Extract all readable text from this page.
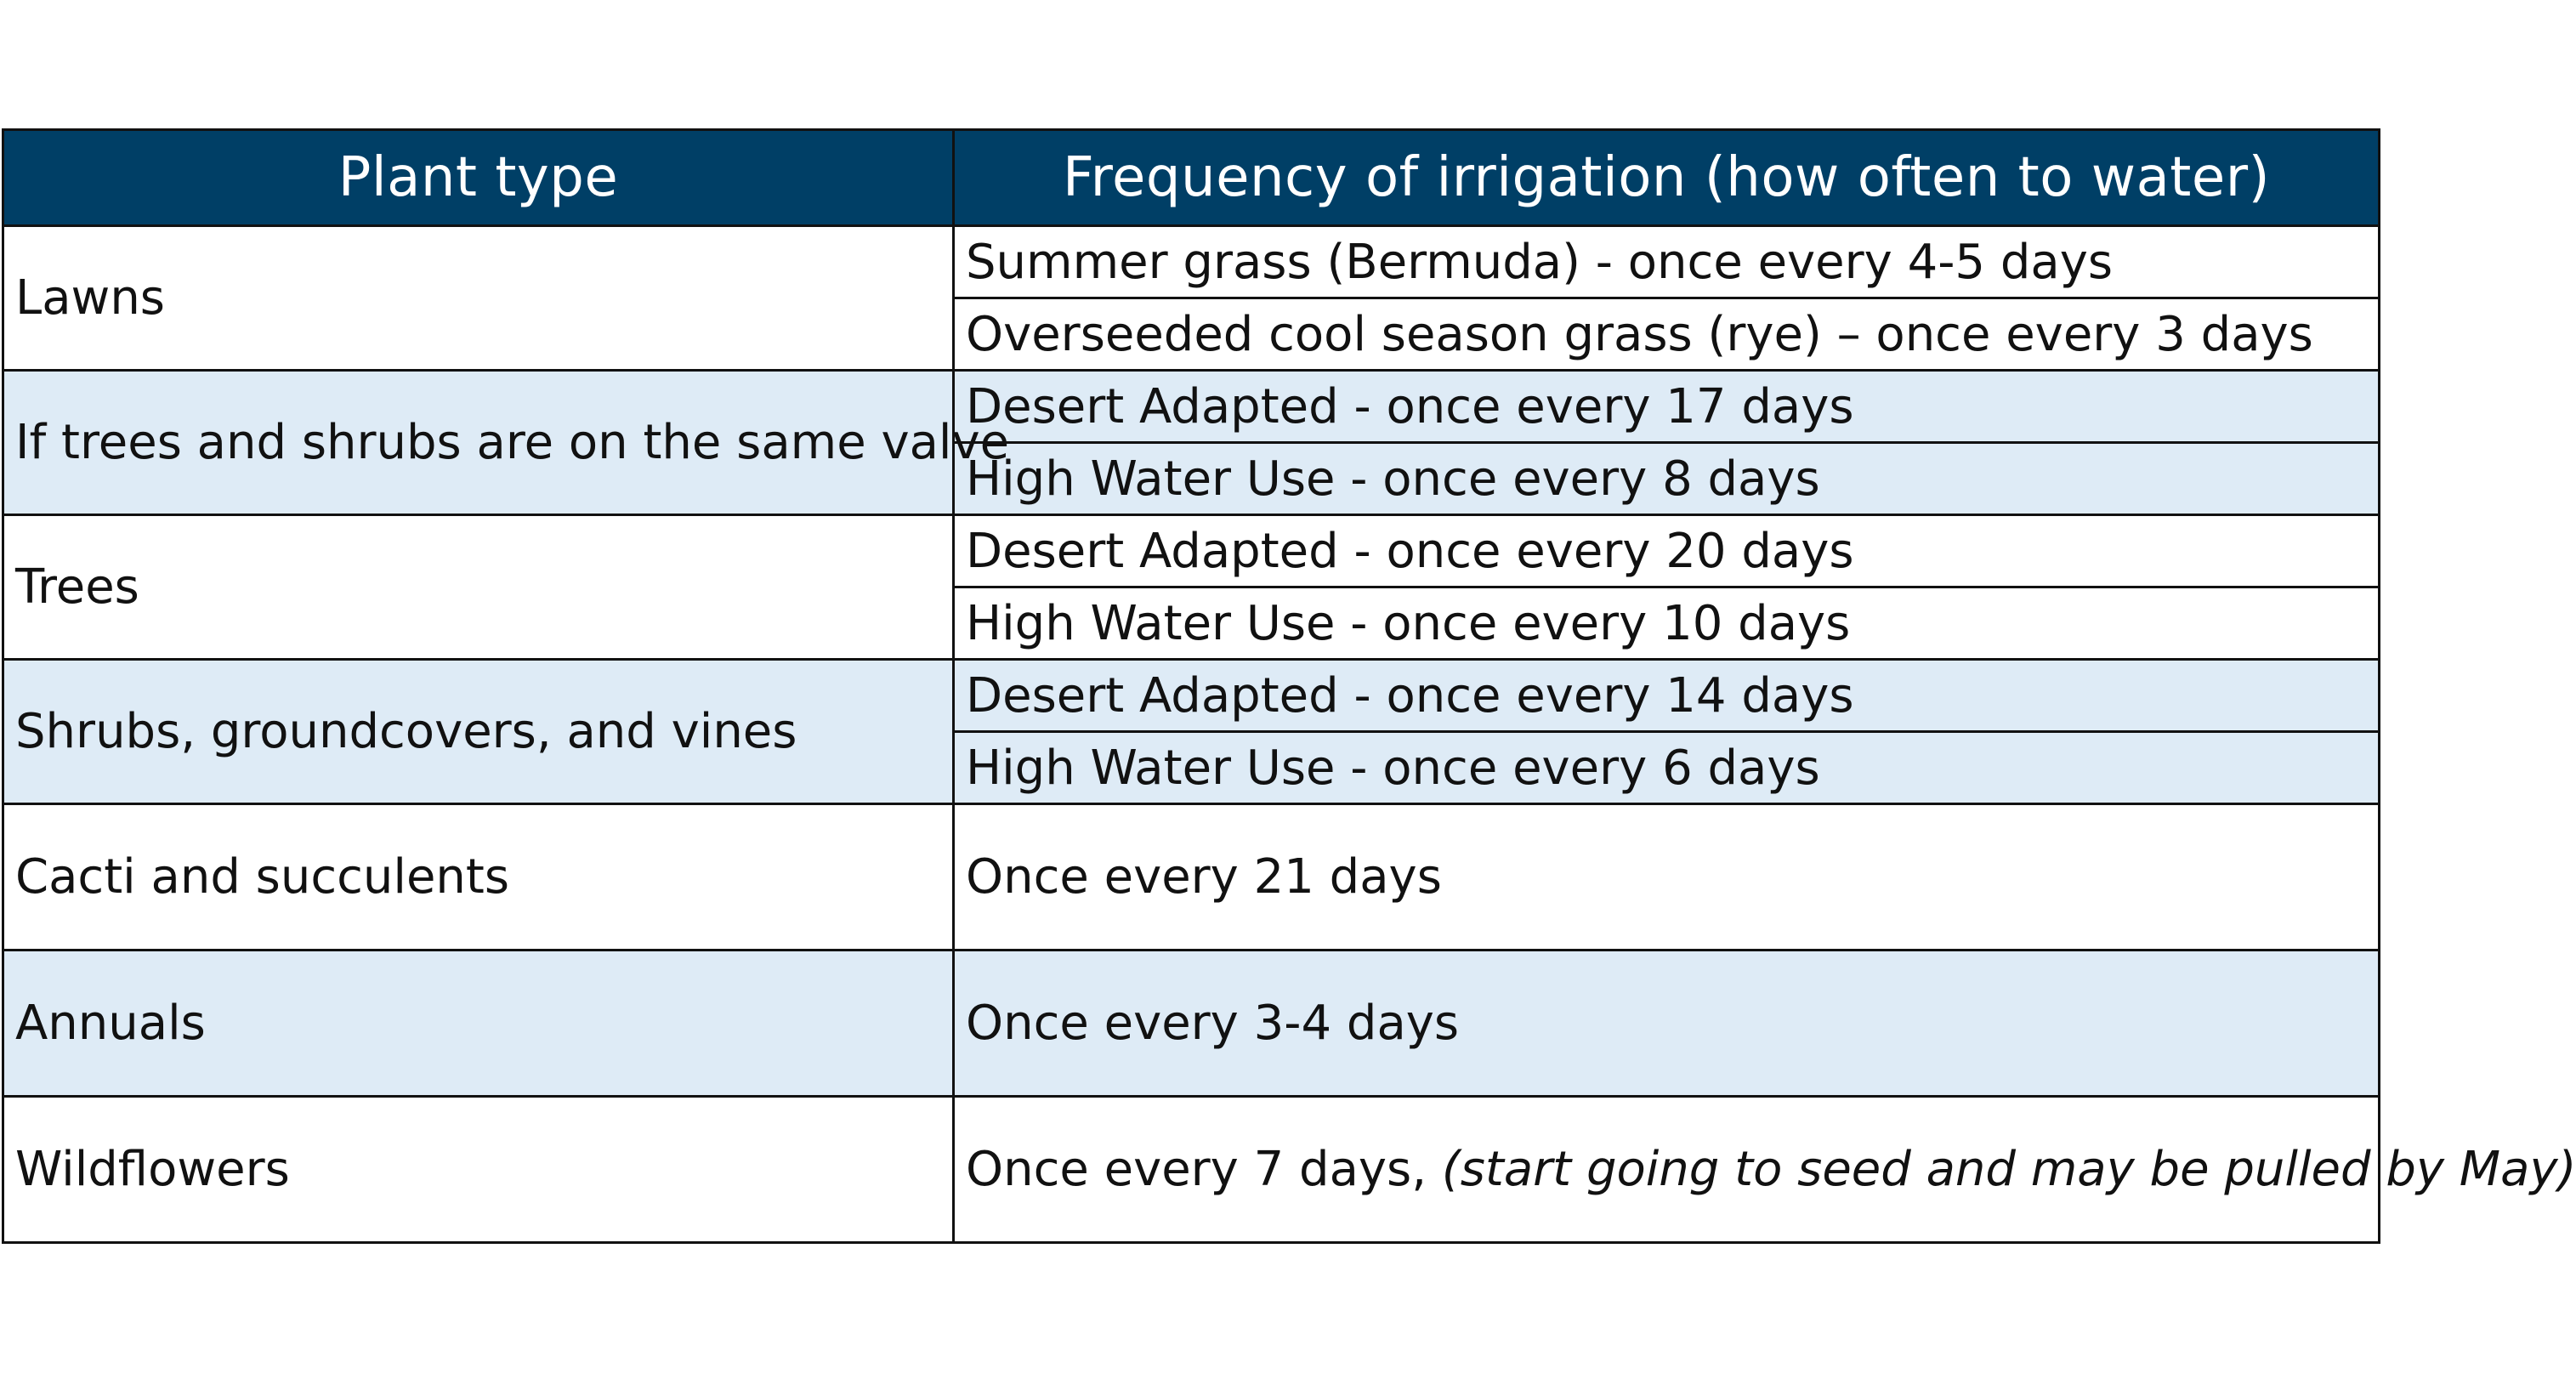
Plant type	Frequency of irrigation (how often to water)
Lawns	Summer grass (Bermuda) - once every 4-5 days
	Overseeded cool season grass (rye) – once every 3 days
If trees and shrubs are on the same valve	Desert Adapted - once every 17 days
	High Water Use - once every 8 days
Trees	Desert Adapted - once every 20 days
	High Water Use - once every 10 days
Shrubs, groundcovers, and vines	Desert Adapted - once every 14 days
	High Water Use - once every 6 days
Cacti and succulents	Once every 21 days
Annuals	Once every 3-4 days
Wildflowers	Once every 7 days, (start going to seed and may be pulled by May)
